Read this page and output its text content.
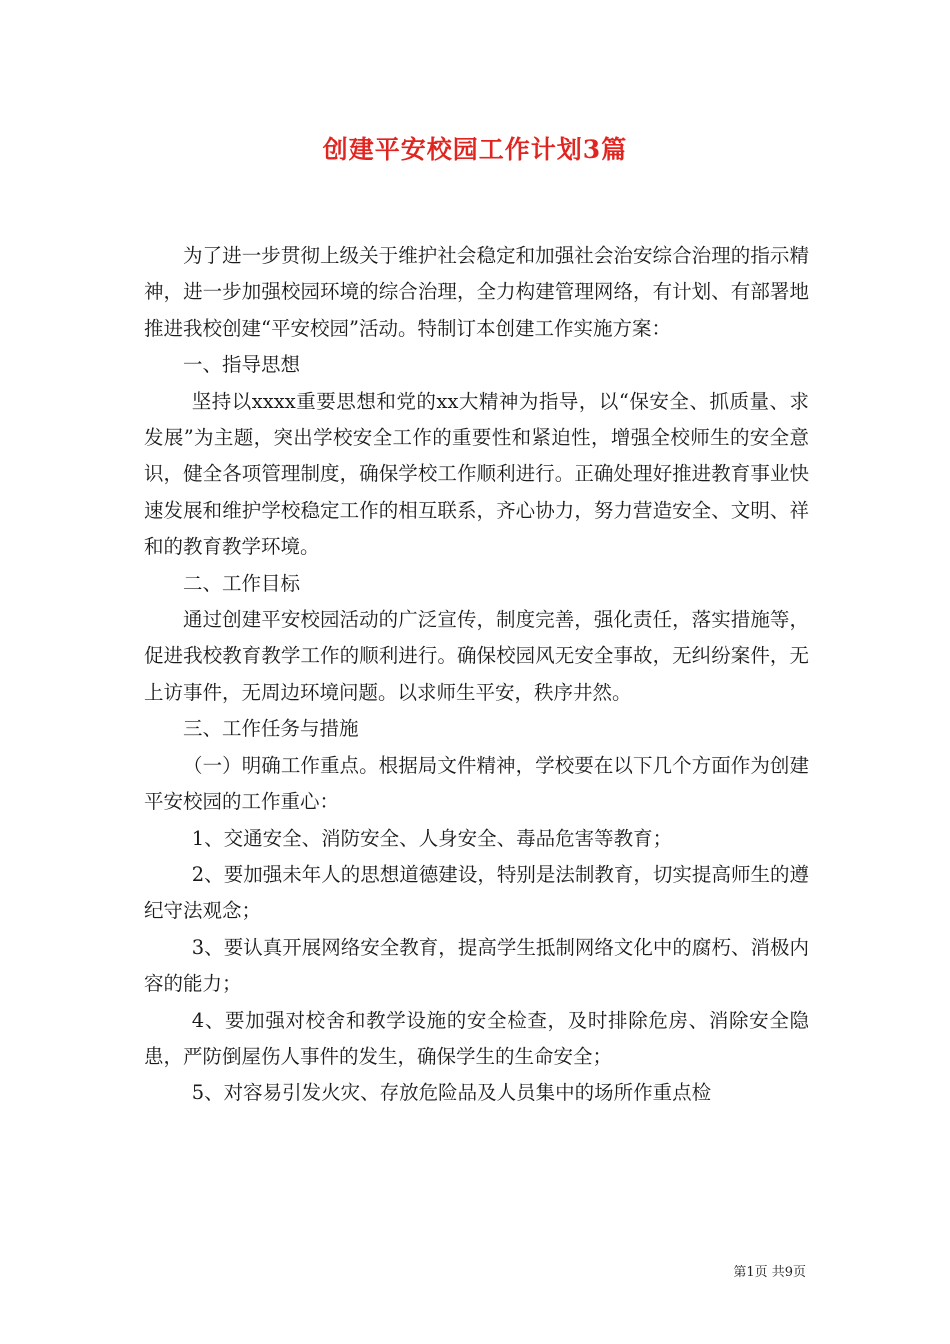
创建平安校园工作计划3篇

为了进一步贯彻上级关于维护社会稳定和加强社会治安综合治理的指示精神，进一步加强校园环境的综合治理，全力构建管理网络，有计划、有部署地推进我校创建“平安校园”活动。特制订本创建工作实施方案：

一、指导思想

坚持以xxxx重要思想和党的xx大精神为指导，以“保安全、抓质量、求发展”为主题，突出学校安全工作的重要性和紧迫性，增强全校师生的安全意识，健全各项管理制度，确保学校工作顺利进行。正确处理好推进教育事业快速发展和维护学校稳定工作的相互联系，齐心协力，努力营造安全、文明、祥和的教育教学环境。

二、工作目标

通过创建平安校园活动的广泛宣传，制度完善，强化责任，落实措施等，促进我校教育教学工作的顺利进行。确保校园风无安全事故，无纠纷案件，无上访事件，无周边环境问题。以求师生平安，秩序井然。

三、工作任务与措施

（一）明确工作重点。根据局文件精神，学校要在以下几个方面作为创建平安校园的工作重心：

1、交通安全、消防安全、人身安全、毒品危害等教育；

2、要加强未年人的思想道德建设，特别是法制教育，切实提高师生的遵纪守法观念；

3、要认真开展网络安全教育，提高学生抵制网络文化中的腐朽、消极内容的能力；

4、要加强对校舍和教学设施的安全检查，及时排除危房、消除安全隐患，严防倒屋伤人事件的发生，确保学生的生命安全；

5、对容易引发火灾、存放危险品及人员集中的场所作重点检

第1页 共9页
